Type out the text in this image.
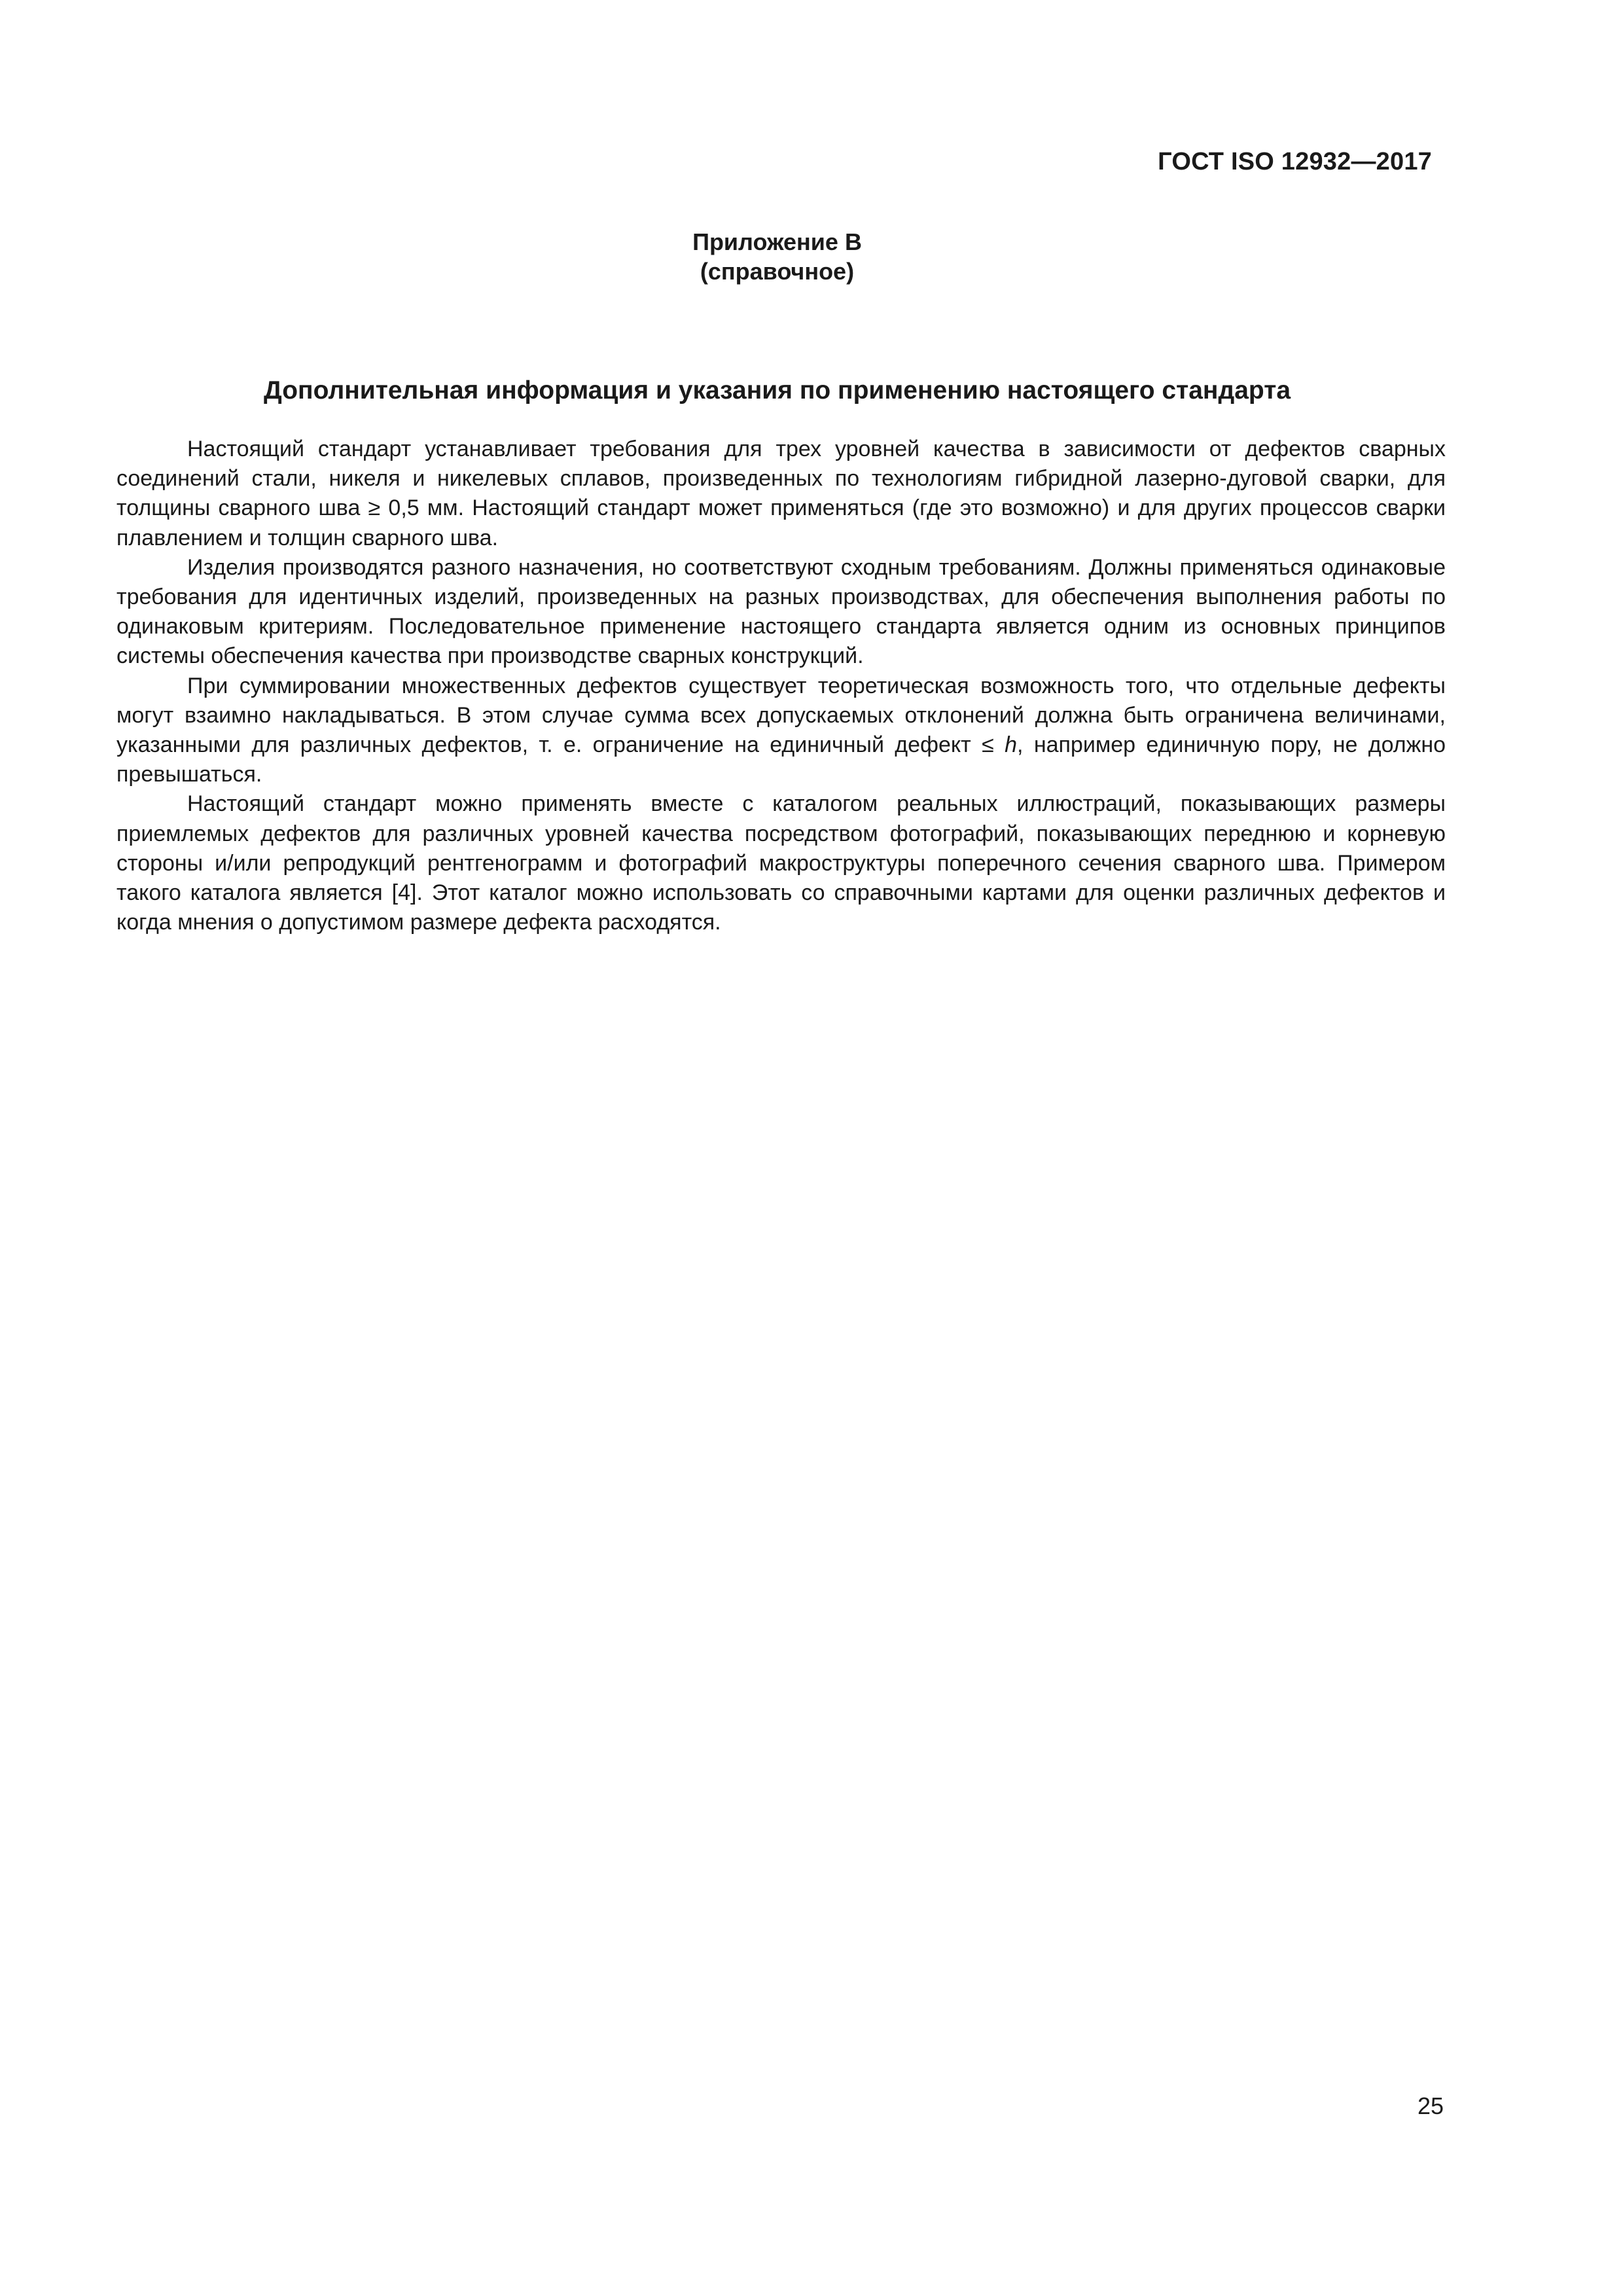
ГОСТ ISO 12932—2017
Приложение В
(справочное)
Дополнительная информация и указания по применению настоящего стандарта

Настоящий стандарт устанавливает требования для трех уровней качества в зависимости от дефектов сварных соединений стали, никеля и никелевых сплавов, произведенных по технологиям гибридной лазерно-дуговой сварки, для толщины сварного шва ≥ 0,5 мм. Настоящий стандарт может применяться (где это возможно) и для других процессов сварки плавлением и толщин сварного шва.

Изделия производятся разного назначения, но соответствуют сходным требованиям. Должны применяться одинаковые требования для идентичных изделий, произведенных на разных производствах, для обеспечения выполнения работы по одинаковым критериям. Последовательное применение настоящего стандарта является одним из основных принципов системы обеспечения качества при производстве сварных конструкций.

При суммировании множественных дефектов существует теоретическая возможность того, что отдельные дефекты могут взаимно накладываться. В этом случае сумма всех допускаемых отклонений должна быть ограничена величинами, указанными для различных дефектов, т. е. ограничение на единичный дефект ≤ h, например единичную пору, не должно превышаться.

Настоящий стандарт можно применять вместе с каталогом реальных иллюстраций, показывающих размеры приемлемых дефектов для различных уровней качества посредством фотографий, показывающих переднюю и корневую стороны и/или репродукций рентгенограмм и фотографий макроструктуры поперечного сечения сварного шва. Примером такого каталога является [4]. Этот каталог можно использовать со справочными картами для оценки различных дефектов и когда мнения о допустимом размере дефекта расходятся.

25
